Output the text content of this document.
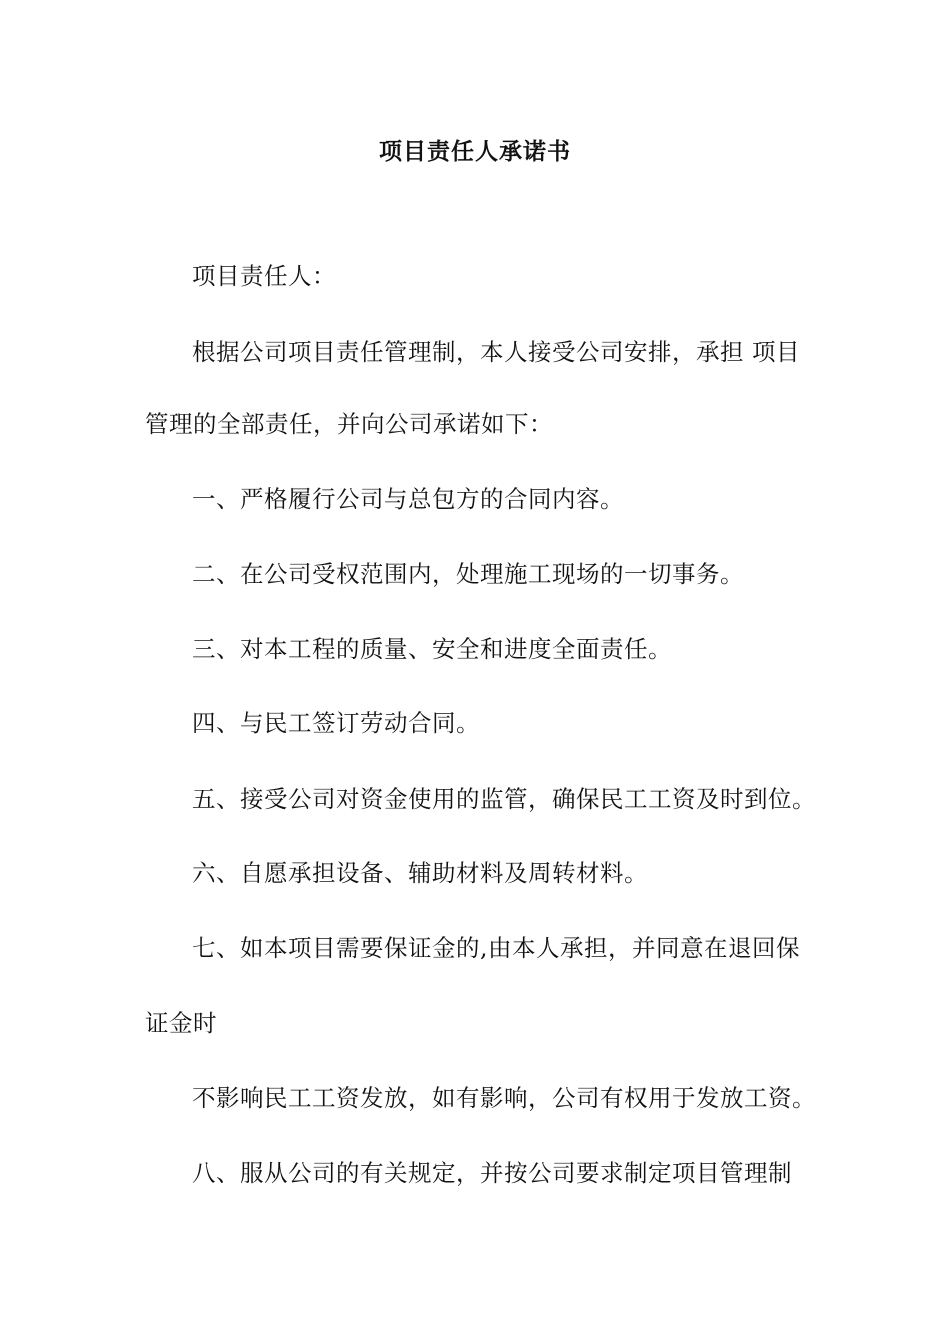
项目责任人承诺书
项目责任人：
根据公司项目责任管理制，本人接受公司安排，承担 项目
管理的全部责任，并向公司承诺如下：
一、严格履行公司与总包方的合同内容。
二、在公司受权范围内，处理施工现场的一切事务。
三、对本工程的质量、安全和进度全面责任。
四、与民工签订劳动合同。
五、接受公司对资金使用的监管，确保民工工资及时到位。
六、自愿承担设备、辅助材料及周转材料。
七、如本项目需要保证金的,由本人承担，并同意在退回保
证金时
不影响民工工资发放，如有影响，公司有权用于发放工资。
八、服从公司的有关规定，并按公司要求制定项目管理制
